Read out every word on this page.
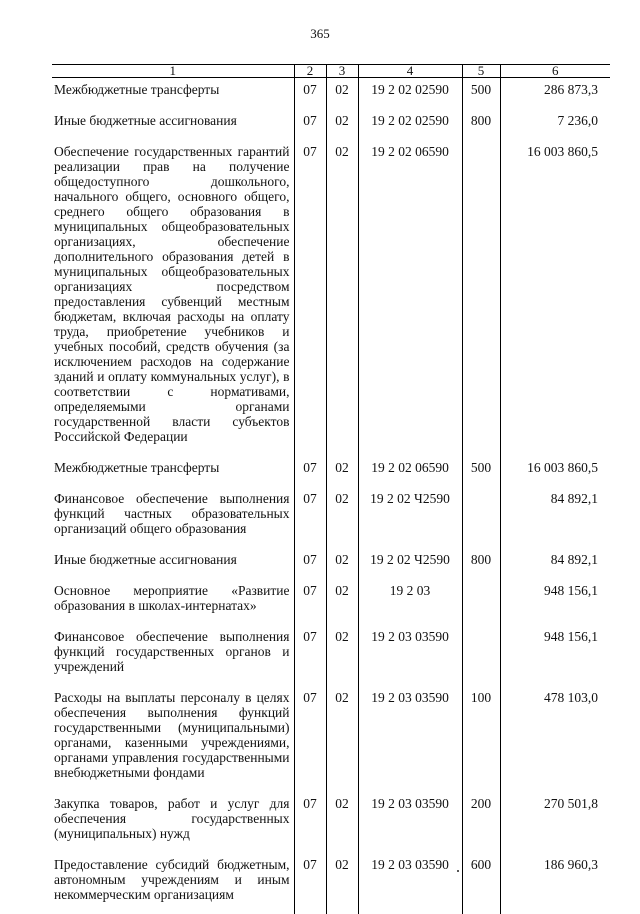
365
1	2	3	4	5	6
Межбюджетные трансферты	07	02	19 2 02 02590	500	286 873,3
Иные бюджетные ассигнования	07	02	19 2 02 02590	800	7 236,0
Обеспечение государственных гарантий реализации прав на получение общедоступного дошкольного, начального общего, основного общего, среднего общего образования в муниципальных общеобразовательных организациях, обеспечение дополнительного образования детей в муниципальных общеобразовательных организациях посредством предоставления субвенций местным бюджетам, включая расходы на оплату труда, приобретение учебников и учебных пособий, средств обучения (за исключением расходов на содержание зданий и оплату коммунальных услуг), в соответствии с нормативами, определяемыми органами государственной власти субъектов Российской Федерации	07	02	19 2 02 06590		16 003 860,5
Межбюджетные трансферты	07	02	19 2 02 06590	500	16 003 860,5
Финансовое обеспечение выполнения функций частных образовательных организаций общего образования	07	02	19 2 02 Ч2590		84 892,1
Иные бюджетные ассигнования	07	02	19 2 02 Ч2590	800	84 892,1
Основное мероприятие «Развитие образования в школах-интернатах»	07	02	19 2 03		948 156,1
Финансовое обеспечение выполнения функций государственных органов и учреждений	07	02	19 2 03 03590		948 156,1
Расходы на выплаты персоналу в целях обеспечения выполнения функций государственными (муниципальными) органами, казенными учреждениями, органами управления государственными внебюджетными фондами	07	02	19 2 03 03590	100	478 103,0
Закупка товаров, работ и услуг для обеспечения государственных (муниципальных) нужд	07	02	19 2 03 03590	200	270 501,8
Предоставление субсидий бюджетным, автономным учреждениям и иным некоммерческим организациям	07	02	19 2 03 03590	600	186 960,3
